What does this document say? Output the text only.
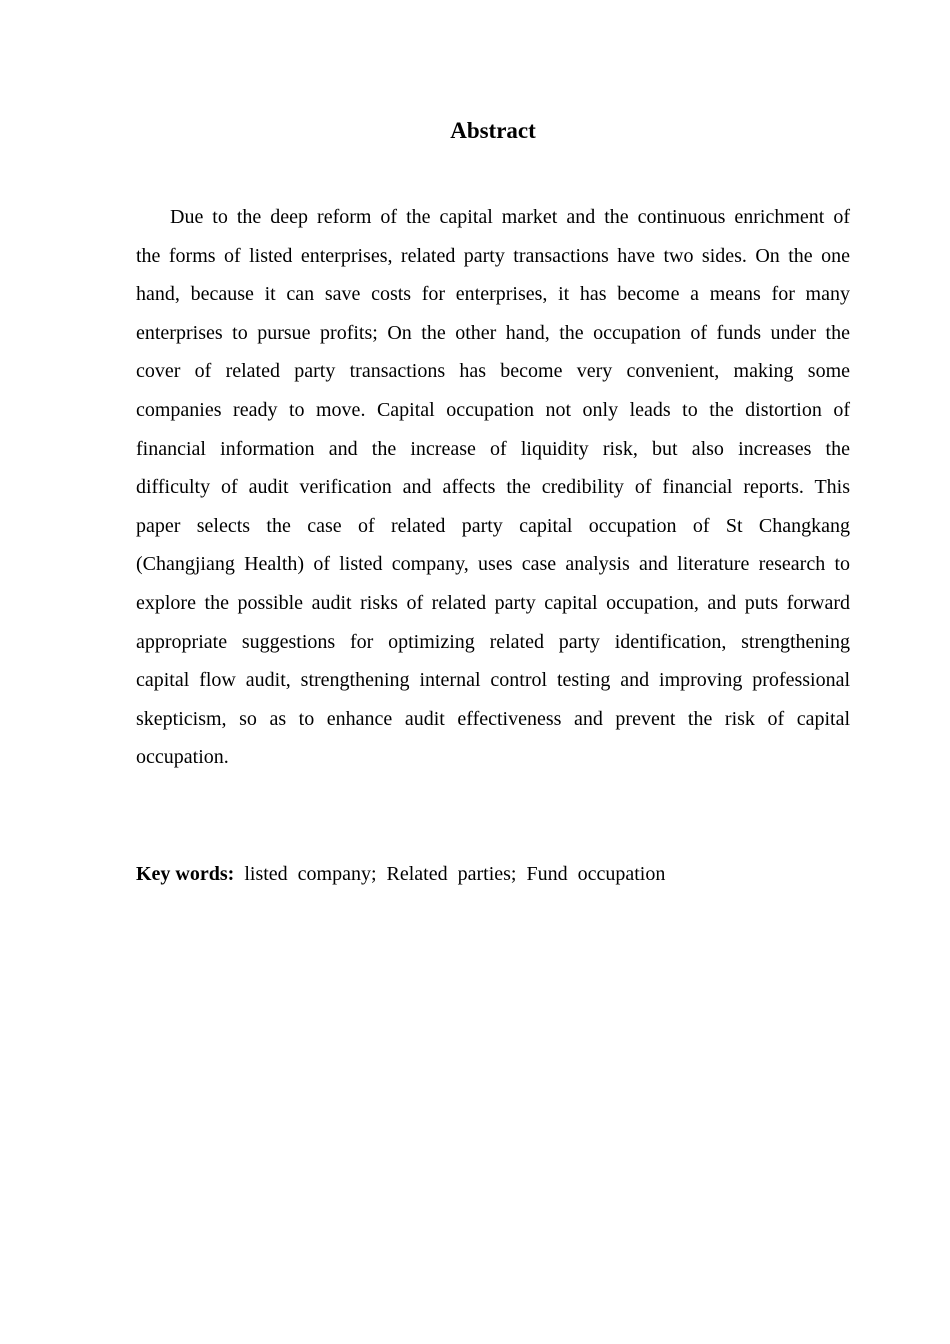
Abstract

Due to the deep reform of the capital market and the continuous enrichment of the forms of listed enterprises, related party transactions have two sides. On the one hand, because it can save costs for enterprises, it has become a means for many enterprises to pursue profits; On the other hand, the occupation of funds under the cover of related party transactions has become very convenient, making some companies ready to move. Capital occupation not only leads to the distortion of financial information and the increase of liquidity risk, but also increases the difficulty of audit verification and affects the credibility of financial reports. This paper selects the case of related party capital occupation of St Changkang (Changjiang Health) of listed company, uses case analysis and literature research to explore the possible audit risks of related party capital occupation, and puts forward appropriate suggestions for optimizing related party identification, strengthening capital flow audit, strengthening internal control testing and improving professional skepticism, so as to enhance audit effectiveness and prevent the risk of capital occupation.

Key words: listed company; Related parties; Fund occupation
